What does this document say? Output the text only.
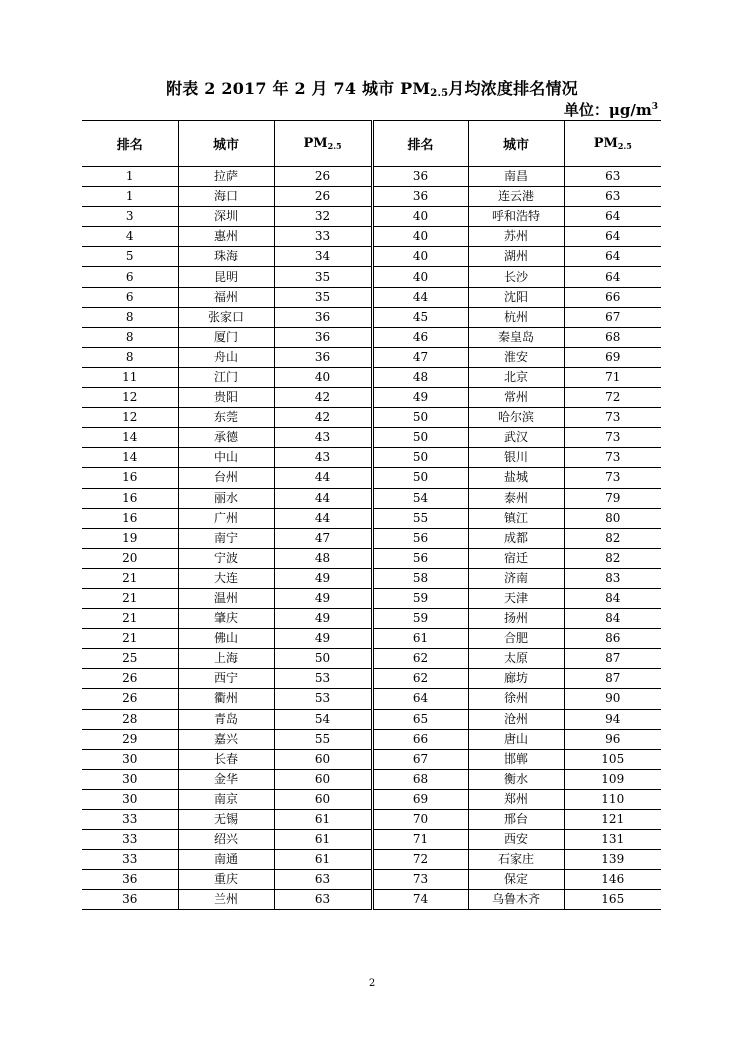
附表 2 2017 年 2 月 74 城市 $PM_{2.5}$月均浓度排名情况
单位：$\mu g/m^3$
排名	城市	$PM_{2.5}$	排名	城市	$PM_{2.5}$
1	拉萨	26	36	南昌	63
1	海口	26	36	连云港	63
3	深圳	32	40	呼和浩特	64
4	惠州	33	40	苏州	64
5	珠海	34	40	湖州	64
6	昆明	35	40	长沙	64
6	福州	35	44	沈阳	66
8	张家口	36	45	杭州	67
8	厦门	36	46	秦皇岛	68
8	舟山	36	47	淮安	69
11	江门	40	48	北京	71
12	贵阳	42	49	常州	72
12	东莞	42	50	哈尔滨	73
14	承德	43	50	武汉	73
14	中山	43	50	银川	73
16	台州	44	50	盐城	73
16	丽水	44	54	泰州	79
16	广州	44	55	镇江	80
19	南宁	47	56	成都	82
20	宁波	48	56	宿迁	82
21	大连	49	58	济南	83
21	温州	49	59	天津	84
21	肇庆	49	59	扬州	84
21	佛山	49	61	合肥	86
25	上海	50	62	太原	87
26	西宁	53	62	廊坊	87
26	衢州	53	64	徐州	90
28	青岛	54	65	沧州	94
29	嘉兴	55	66	唐山	96
30	长春	60	67	邯郸	105
30	金华	60	68	衡水	109
30	南京	60	69	郑州	110
33	无锡	61	70	邢台	121
33	绍兴	61	71	西安	131
33	南通	61	72	石家庄	139
36	重庆	63	73	保定	146
36	兰州	63	74	乌鲁木齐	165
2
